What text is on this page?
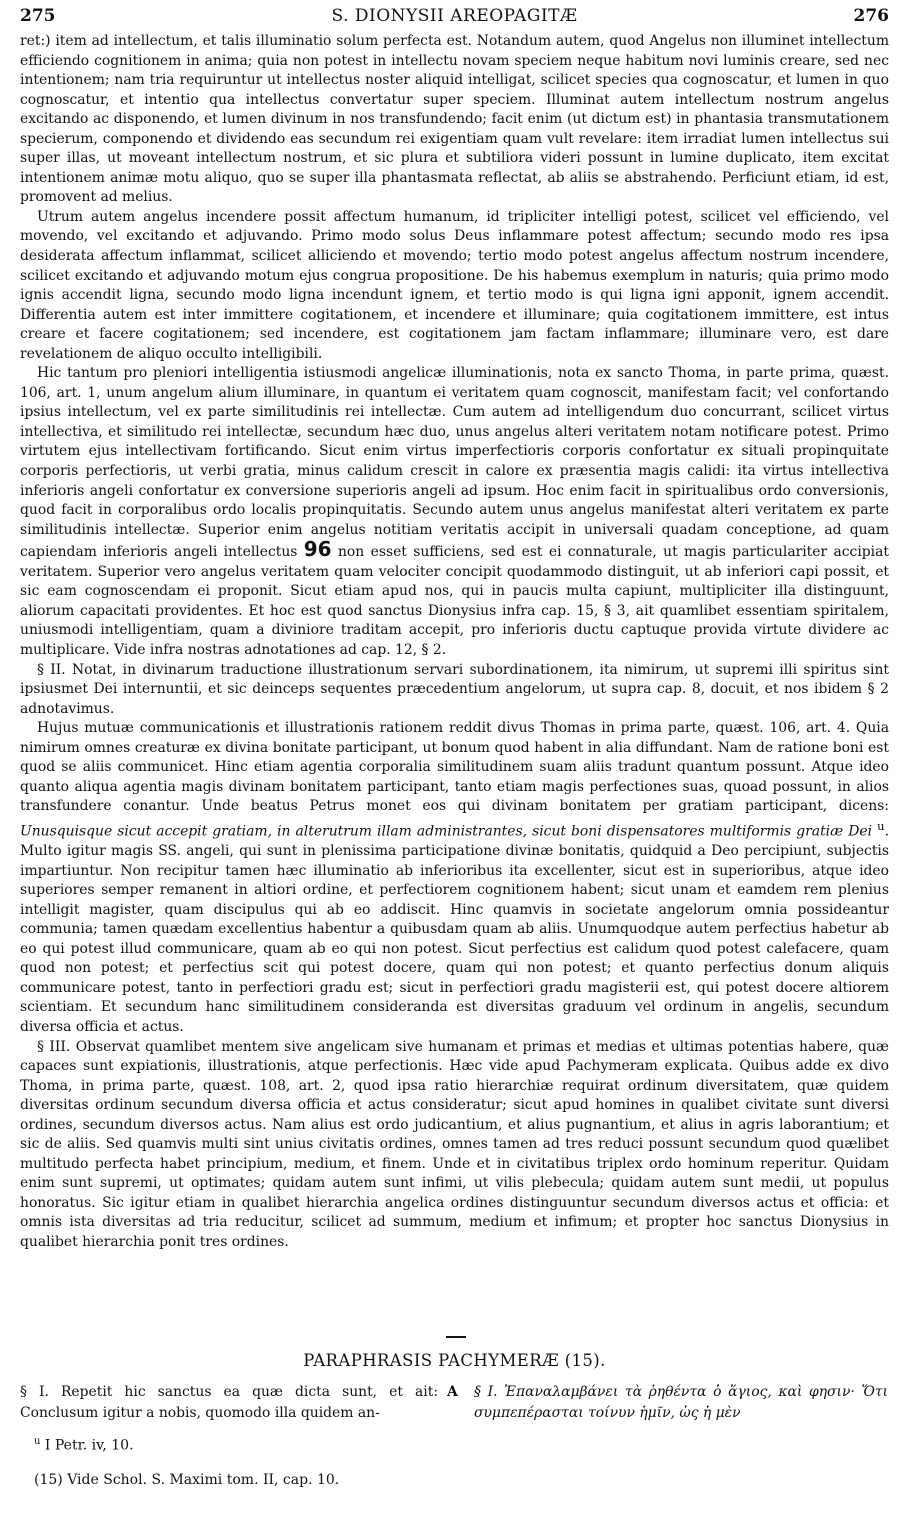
275	S. DIONYSII AREOPAGITÆ	276

ret:) item ad intellectum, et talis illuminatio solum perfecta est. Notandum autem, quod Angelus non illuminet intellectum efficiendo cognitionem in anima; quia non potest in intellectu novam speciem neque habitum novi luminis creare, sed nec intentionem; nam tria requiruntur ut intellectus noster aliquid intelligat, scilicet species qua cognoscatur, et lumen in quo cognoscatur, et intentio qua intellectus convertatur super speciem. Illuminat autem intellectum nostrum angelus excitando ac disponendo, et lumen divinum in nos transfundendo; facit enim (ut dictum est) in phantasia transmutationem specierum, componendo et dividendo eas secundum rei exigentiam quam vult revelare: item irradiat lumen intellectus sui super illas, ut moveant intellectum nostrum, et sic plura et subtiliora videri possunt in lumine duplicato, item excitat intentionem animæ motu aliquo, quo se super illa phantasmata reflectat, ab aliis se abstrahendo. Perficiunt etiam, id est, promovent ad melius.

Utrum autem angelus incendere possit affectum humanum, id tripliciter intelligi potest, scilicet vel efficiendo, vel movendo, vel excitando et adjuvando. Primo modo solus Deus inflammare potest affectum; secundo modo res ipsa desiderata affectum inflammat, scilicet alliciendo et movendo; tertio modo potest angelus affectum nostrum incendere, scilicet excitando et adjuvando motum ejus congrua propositione. De his habemus exemplum in naturis; quia primo modo ignis accendit ligna, secundo modo ligna incendunt ignem, et tertio modo is qui ligna igni apponit, ignem accendit. Differentia autem est inter immittere cogitationem, et incendere et illuminare; quia cogitationem immittere, est intus creare et facere cogitationem; sed incendere, est cogitationem jam factam inflammare; illuminare vero, est dare revelationem de aliquo occulto intelligibili.

Hic tantum pro pleniori intelligentia istiusmodi angelicæ illuminationis, nota ex sancto Thoma, in parte prima, quæst. 106, art. 1, unum angelum alium illuminare, in quantum ei veritatem quam cognoscit, manifestam facit; vel confortando ipsius intellectum, vel ex parte similitudinis rei intellectæ. Cum autem ad intelligendum duo concurrant, scilicet virtus intellectiva, et similitudo rei intellectæ, secundum hæc duo, unus angelus alteri veritatem notam notificare potest. Primo virtutem ejus intellectivam fortificando. Sicut enim virtus imperfectioris corporis confortatur ex situali propinquitate corporis perfectioris, ut verbi gratia, minus calidum crescit in calore ex præsentia magis calidi: ita virtus intellectiva inferioris angeli confortatur ex conversione superioris angeli ad ipsum. Hoc enim facit in spiritualibus ordo conversionis, quod facit in corporalibus ordo localis propinquitatis. Secundo autem unus angelus manifestat alteri veritatem ex parte similitudinis intellectæ. Superior enim angelus notitiam veritatis accipit in universali quadam conceptione, ad quam capiendam inferioris angeli intellectus 96 non esset sufficiens, sed est ei connaturale, ut magis particulariter accipiat veritatem. Superior vero angelus veritatem quam velociter concipit quodammodo distinguit, ut ab inferiori capi possit, et sic eam cognoscendam ei proponit. Sicut etiam apud nos, qui in paucis multa capiunt, multipliciter illa distinguunt, aliorum capacitati providentes. Et hoc est quod sanctus Dionysius infra cap. 15, § 3, ait quamlibet essentiam spiritalem, uniusmodi intelligentiam, quam a diviniore traditam accepit, pro inferioris ductu captuque provida virtute dividere ac multiplicare. Vide infra nostras adnotationes ad cap. 12, § 2.

§ II. Notat, in divinarum traductione illustrationum servari subordinationem, ita nimirum, ut supremi illi spiritus sint ipsiusmet Dei internuntii, et sic deinceps sequentes præcedentium angelorum, ut supra cap. 8, docuit, et nos ibidem § 2 adnotavimus.

Hujus mutuæ communicationis et illustrationis rationem reddit divus Thomas in prima parte, quæst. 106, art. 4. Quia nimirum omnes creaturæ ex divina bonitate participant, ut bonum quod habent in alia diffundant. Nam de ratione boni est quod se aliis communicet. Hinc etiam agentia corporalia similitudinem suam aliis tradunt quantum possunt. Atque ideo quanto aliqua agentia magis divinam bonitatem participant, tanto etiam magis perfectiones suas, quoad possunt, in alios transfundere conantur. Unde beatus Petrus monet eos qui divinam bonitatem per gratiam participant, dicens: Unusquisque sicut accepit gratiam, in alterutrum illam administrantes, sicut boni dispensatores multiformis gratiæ Dei $^u$. Multo igitur magis SS. angeli, qui sunt in plenissima participatione divinæ bonitatis, quidquid a Deo percipiunt, subjectis impartiuntur. Non recipitur tamen hæc illuminatio ab inferioribus ita excellenter, sicut est in superioribus, atque ideo superiores semper remanent in altiori ordine, et perfectiorem cognitionem habent; sicut unam et eamdem rem plenius intelligit magister, quam discipulus qui ab eo addiscit. Hinc quamvis in societate angelorum omnia possideantur communia; tamen quædam excellentius habentur a quibusdam quam ab aliis. Unumquodque autem perfectius habetur ab eo qui potest illud communicare, quam ab eo qui non potest. Sicut perfectius est calidum quod potest calefacere, quam quod non potest; et perfectius scit qui potest docere, quam qui non potest; et quanto perfectius donum aliquis communicare potest, tanto in perfectiori gradu est; sicut in perfectiori gradu magisterii est, qui potest docere altiorem scientiam. Et secundum hanc similitudinem consideranda est diversitas graduum vel ordinum in angelis, secundum diversa officia et actus.

§ III. Observat quamlibet mentem sive angelicam sive humanam et primas et medias et ultimas potentias habere, quæ capaces sunt expiationis, illustrationis, atque perfectionis. Hæc vide apud Pachymeram explicata. Quibus adde ex divo Thoma, in prima parte, quæst. 108, art. 2, quod ipsa ratio hierarchiæ requirat ordinum diversitatem, quæ quidem diversitas ordinum secundum diversa officia et actus consideratur; sicut apud homines in qualibet civitate sunt diversi ordines, secundum diversos actus. Nam alius est ordo judicantium, et alius pugnantium, et alius in agris laborantium; et sic de aliis. Sed quamvis multi sint unius civitatis ordines, omnes tamen ad tres reduci possunt secundum quod quælibet multitudo perfecta habet principium, medium, et finem. Unde et in civitatibus triplex ordo hominum reperitur. Quidam enim sunt supremi, ut optimates; quidam autem sunt infimi, ut vilis plebecula; quidam autem sunt medii, ut populus honoratus. Sic igitur etiam in qualibet hierarchia angelica ordines distinguuntur secundum diversos actus et officia: et omnis ista diversitas ad tria reducitur, scilicet ad summum, medium et infimum; et propter hoc sanctus Dionysius in qualibet hierarchia ponit tres ordines.

PARAPHRASIS PACHYMERÆ (15).
§ I. Repetit hic sanctus ea quæ dicta sunt, et ait: Conclusum igitur a nobis, quomodo illa quidem an-
A § I. Ἐπαναλαμβάνει τὰ ῥηθέντα ὁ ἅγιος, καὶ φησιν· Ὅτι συμπεπέρασται τοίνυν ἡμῖν, ὡς ἡ μὲν
$^u$ I Petr. iv, 10.
(15) Vide Schol. S. Maximi tom. II, cap. 10.
